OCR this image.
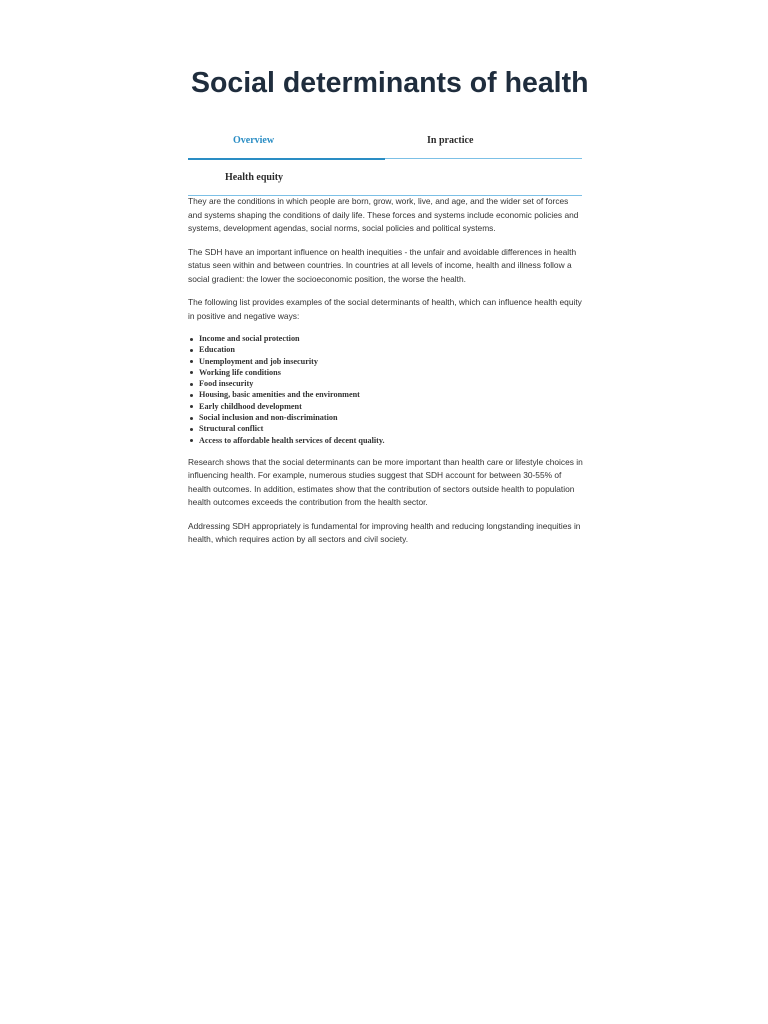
Social determinants of health
Overview	In practice
Health equity

They are the conditions in which people are born, grow, work, live, and age, and the wider set of forces and systems shaping the conditions of daily life. These forces and systems include economic policies and systems, development agendas, social norms, social policies and political systems.

The SDH have an important influence on health inequities - the unfair and avoidable differences in health status seen within and between countries. In countries at all levels of income, health and illness follow a social gradient: the lower the socioeconomic position, the worse the health.

The following list provides examples of the social determinants of health, which can influence health equity in positive and negative ways:

Income and social protection
Education
Unemployment and job insecurity
Working life conditions
Food insecurity
Housing, basic amenities and the environment
Early childhood development
Social inclusion and non-discrimination
Structural conflict
Access to affordable health services of decent quality.

Research shows that the social determinants can be more important than health care or lifestyle choices in influencing health. For example, numerous studies suggest that SDH account for between 30-55% of health outcomes. In addition, estimates show that the contribution of sectors outside health to population health outcomes exceeds the contribution from the health sector.

Addressing SDH appropriately is fundamental for improving health and reducing longstanding inequities in health, which requires action by all sectors and civil society.
